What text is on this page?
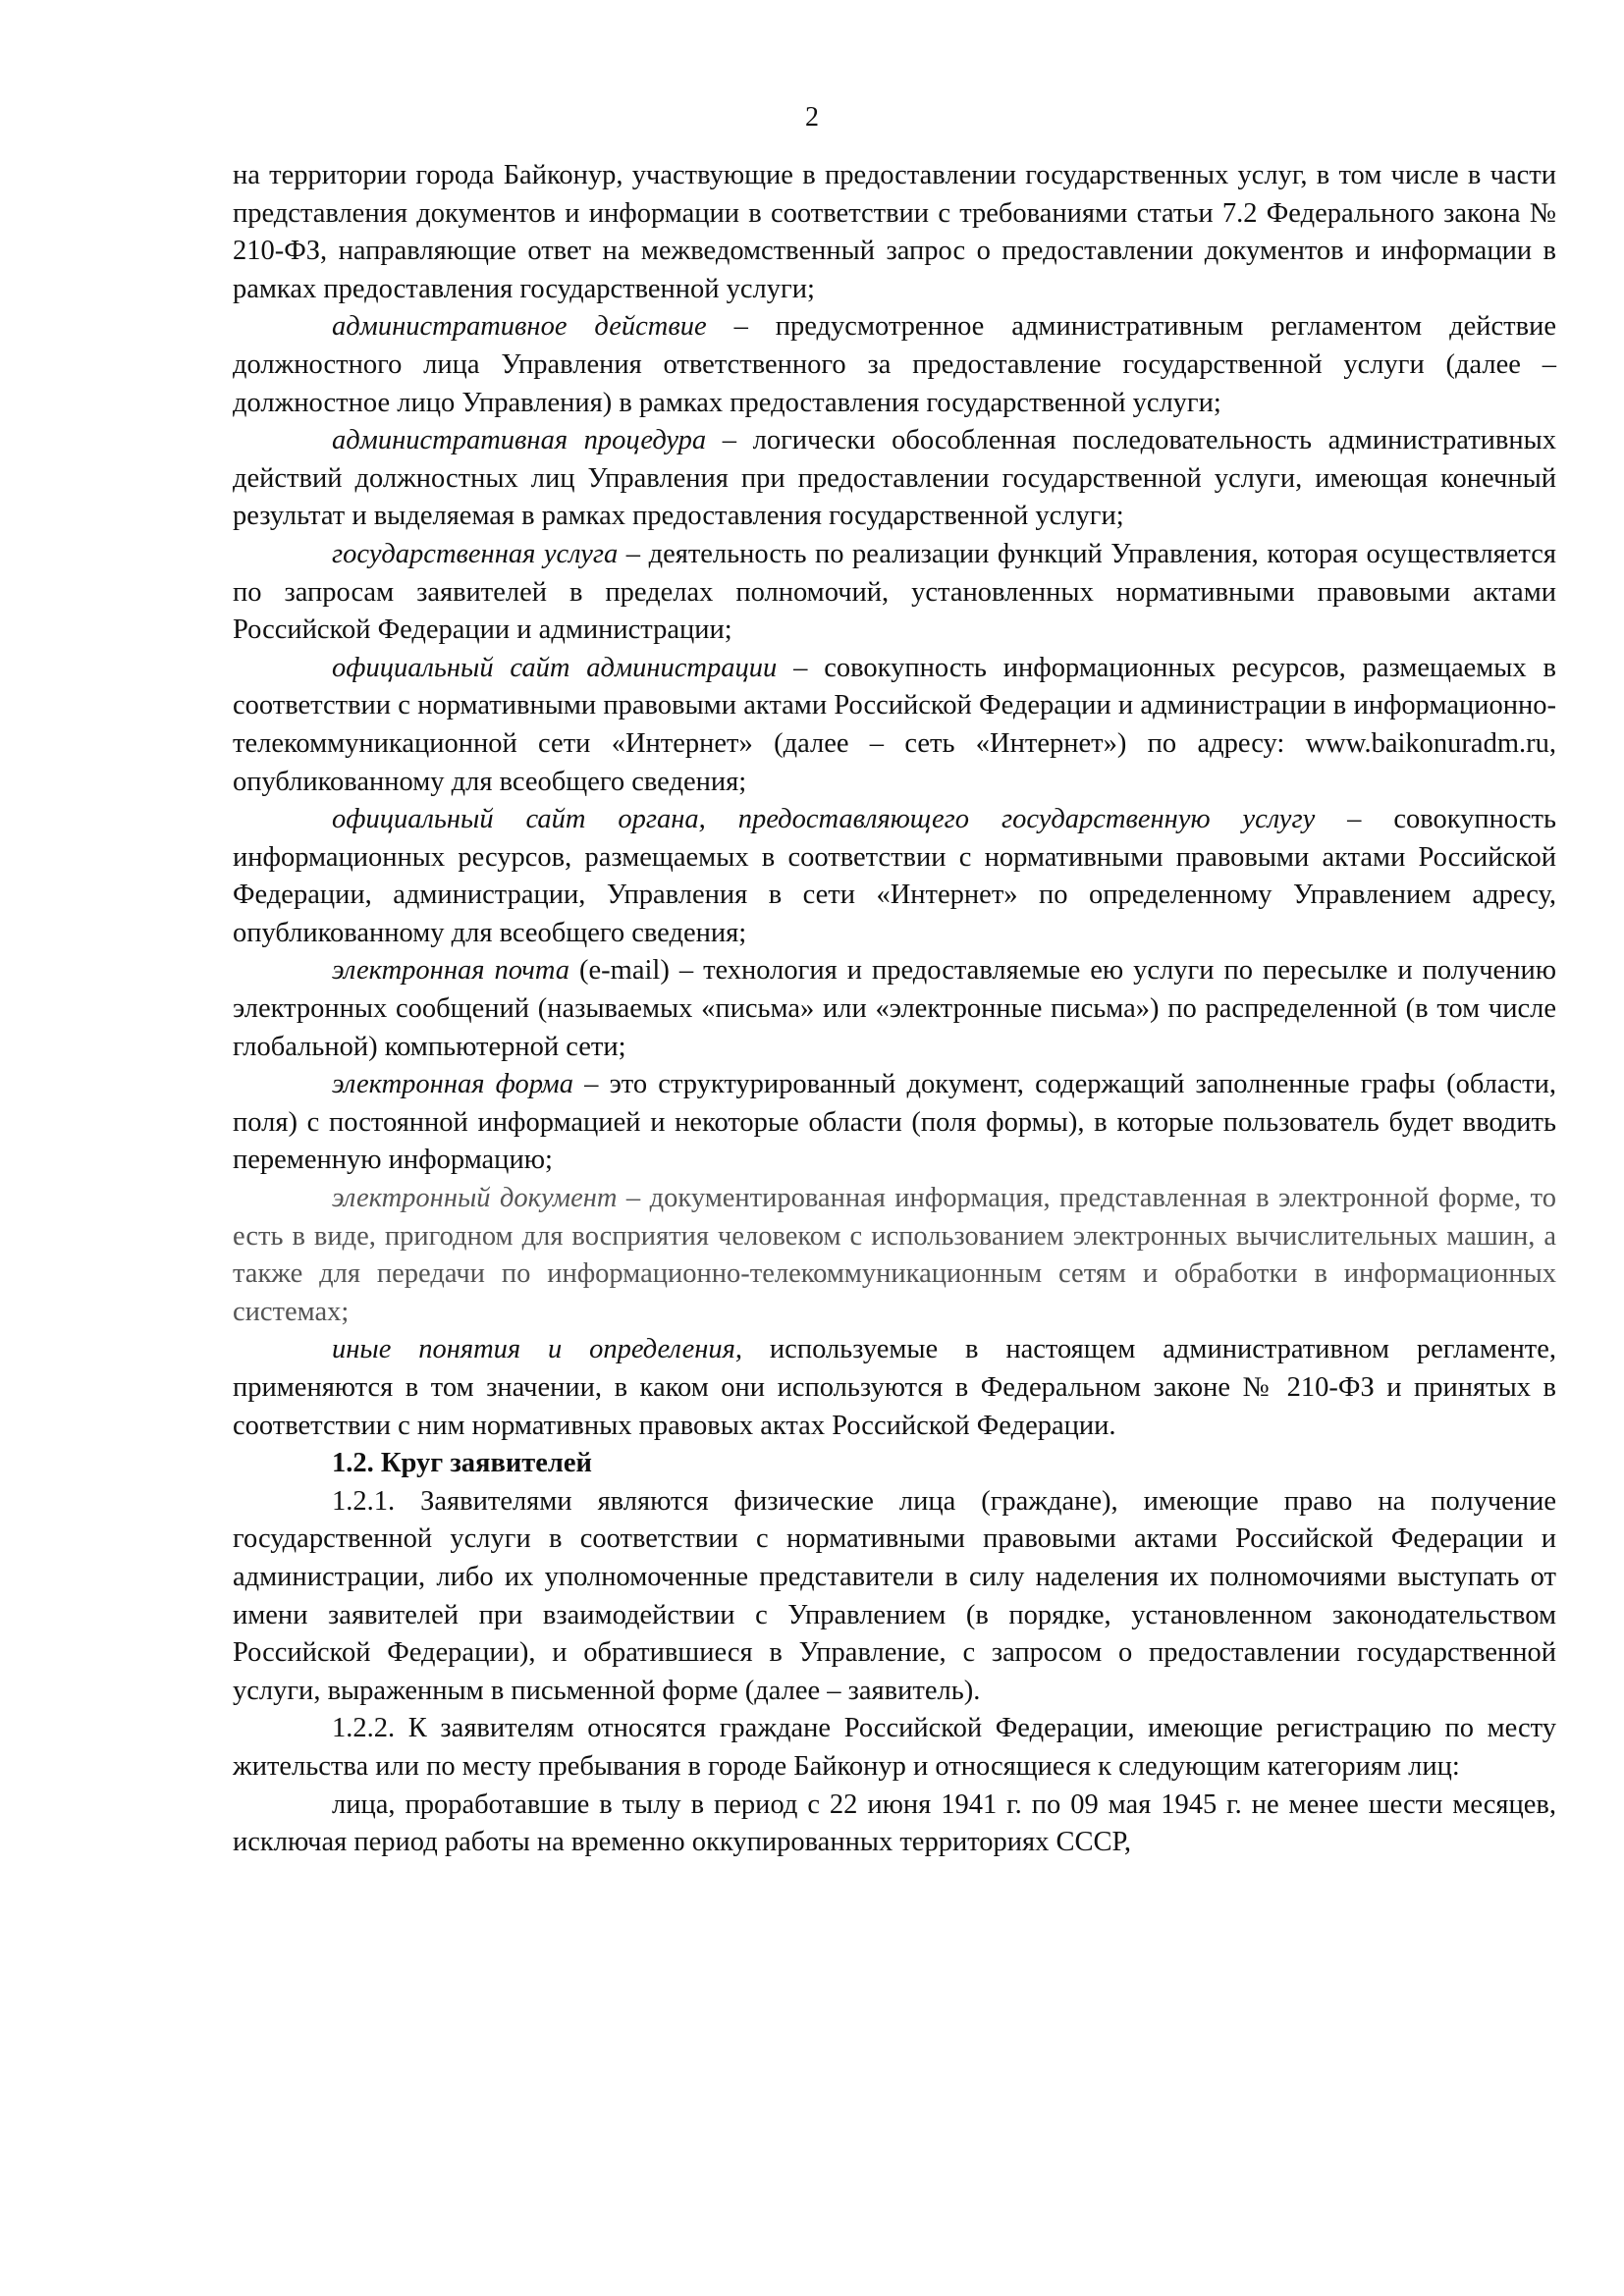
2

на территории города Байконур, участвующие в предоставлении государственных услуг, в том числе в части представления документов и информации в соответствии с требованиями статьи 7.2 Федерального закона № 210-ФЗ, направляющие ответ на межведомственный запрос о предоставлении документов и информации в рамках предоставления государственной услуги;

административное действие – предусмотренное административным регламентом действие должностного лица Управления ответственного за предоставление государственной услуги (далее – должностное лицо Управления) в рамках предоставления государственной услуги;

административная процедура – логически обособленная последовательность административных действий должностных лиц Управления при предоставлении государственной услуги, имеющая конечный результат и выделяемая в рамках предоставления государственной услуги;

государственная услуга – деятельность по реализации функций Управления, которая осуществляется по запросам заявителей в пределах полномочий, установленных нормативными правовыми актами Российской Федерации и администрации;

официальный сайт администрации – совокупность информационных ресурсов, размещаемых в соответствии с нормативными правовыми актами Российской Федерации и администрации в информационно-телекоммуникационной сети «Интернет» (далее – сеть «Интернет») по адресу: www.baikonuradm.ru, опубликованному для всеобщего сведения;

официальный сайт органа, предоставляющего государственную услугу – совокупность информационных ресурсов, размещаемых в соответствии с нормативными правовыми актами Российской Федерации, администрации, Управления в сети «Интернет» по определенному Управлением адресу, опубликованному для всеобщего сведения;

электронная почта (e-mail) – технология и предоставляемые ею услуги по пересылке и получению электронных сообщений (называемых «письма» или «электронные письма») по распределенной (в том числе глобальной) компьютерной сети;

электронная форма – это структурированный документ, содержащий заполненные графы (области, поля) с постоянной информацией и некоторые области (поля формы), в которые пользователь будет вводить переменную информацию;

электронный документ – документированная информация, представленная в электронной форме, то есть в виде, пригодном для восприятия человеком с использованием электронных вычислительных машин, а также для передачи по информационно-телекоммуникационным сетям и обработки в информационных системах;

иные понятия и определения, используемые в настоящем административном регламенте, применяются в том значении, в каком они используются в Федеральном законе № 210-ФЗ и принятых в соответствии с ним нормативных правовых актах Российской Федерации.

1.2. Круг заявителей

1.2.1. Заявителями являются физические лица (граждане), имеющие право на получение государственной услуги в соответствии с нормативными правовыми актами Российской Федерации и администрации, либо их уполномоченные представители в силу наделения их полномочиями выступать от имени заявителей при взаимодействии с Управлением (в порядке, установленном законодательством Российской Федерации), и обратившиеся в Управление, с запросом о предоставлении государственной услуги, выраженным в письменной форме (далее – заявитель).

1.2.2. К заявителям относятся граждане Российской Федерации, имеющие регистрацию по месту жительства или по месту пребывания в городе Байконур и относящиеся к следующим категориям лиц:

лица, проработавшие в тылу в период с 22 июня 1941 г. по 09 мая 1945 г. не менее шести месяцев, исключая период работы на временно оккупированных территориях СССР,
